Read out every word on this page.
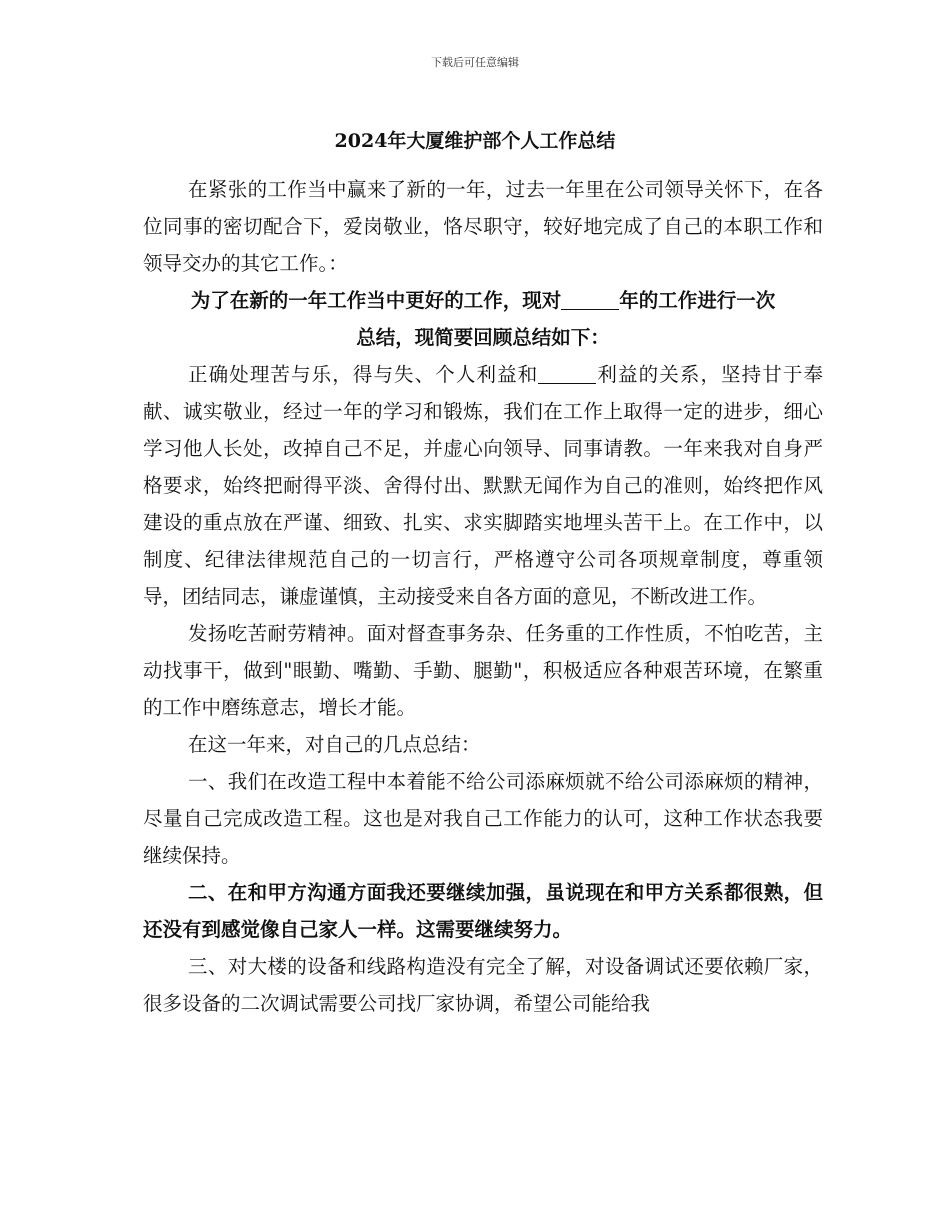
下载后可任意编辑
2024年大厦维护部个人工作总结

在紧张的工作当中赢来了新的一年，过去一年里在公司领导关怀下，在各位同事的密切配合下，爱岗敬业，恪尽职守，较好地完成了自己的本职工作和领导交办的其它工作。：

为了在新的一年工作当中更好的工作，现对	年的工作进行一次
总结，现简要回顾总结如下：

正确处理苦与乐，得与失、个人利益和	利益的关系，坚持甘于奉献、诚实敬业，经过一年的学习和锻炼，我们在工作上取得一定的进步，细心学习他人长处，改掉自己不足，并虚心向领导、同事请教。一年来我对自身严格要求，始终把耐得平淡、舍得付出、默默无闻作为自己的准则，始终把作风建设的重点放在严谨、细致、扎实、求实脚踏实地埋头苦干上。在工作中，以制度、纪律法律规范自己的一切言行，严格遵守公司各项规章制度，尊重领导，团结同志，谦虚谨慎，主动接受来自各方面的意见，不断改进工作。

发扬吃苦耐劳精神。面对督查事务杂、任务重的工作性质，不怕吃苦，主动找事干，做到"眼勤、嘴勤、手勤、腿勤"，积极适应各种艰苦环境，在繁重的工作中磨练意志，增长才能。

在这一年来，对自己的几点总结：

一、我们在改造工程中本着能不给公司添麻烦就不给公司添麻烦的精神，尽量自己完成改造工程。这也是对我自己工作能力的认可，这种工作状态我要继续保持。

二、在和甲方沟通方面我还要继续加强，虽说现在和甲方关系都很熟，但还没有到感觉像自己家人一样。这需要继续努力。

三、对大楼的设备和线路构造没有完全了解，对设备调试还要依赖厂家，很多设备的二次调试需要公司找厂家协调，希望公司能给我
